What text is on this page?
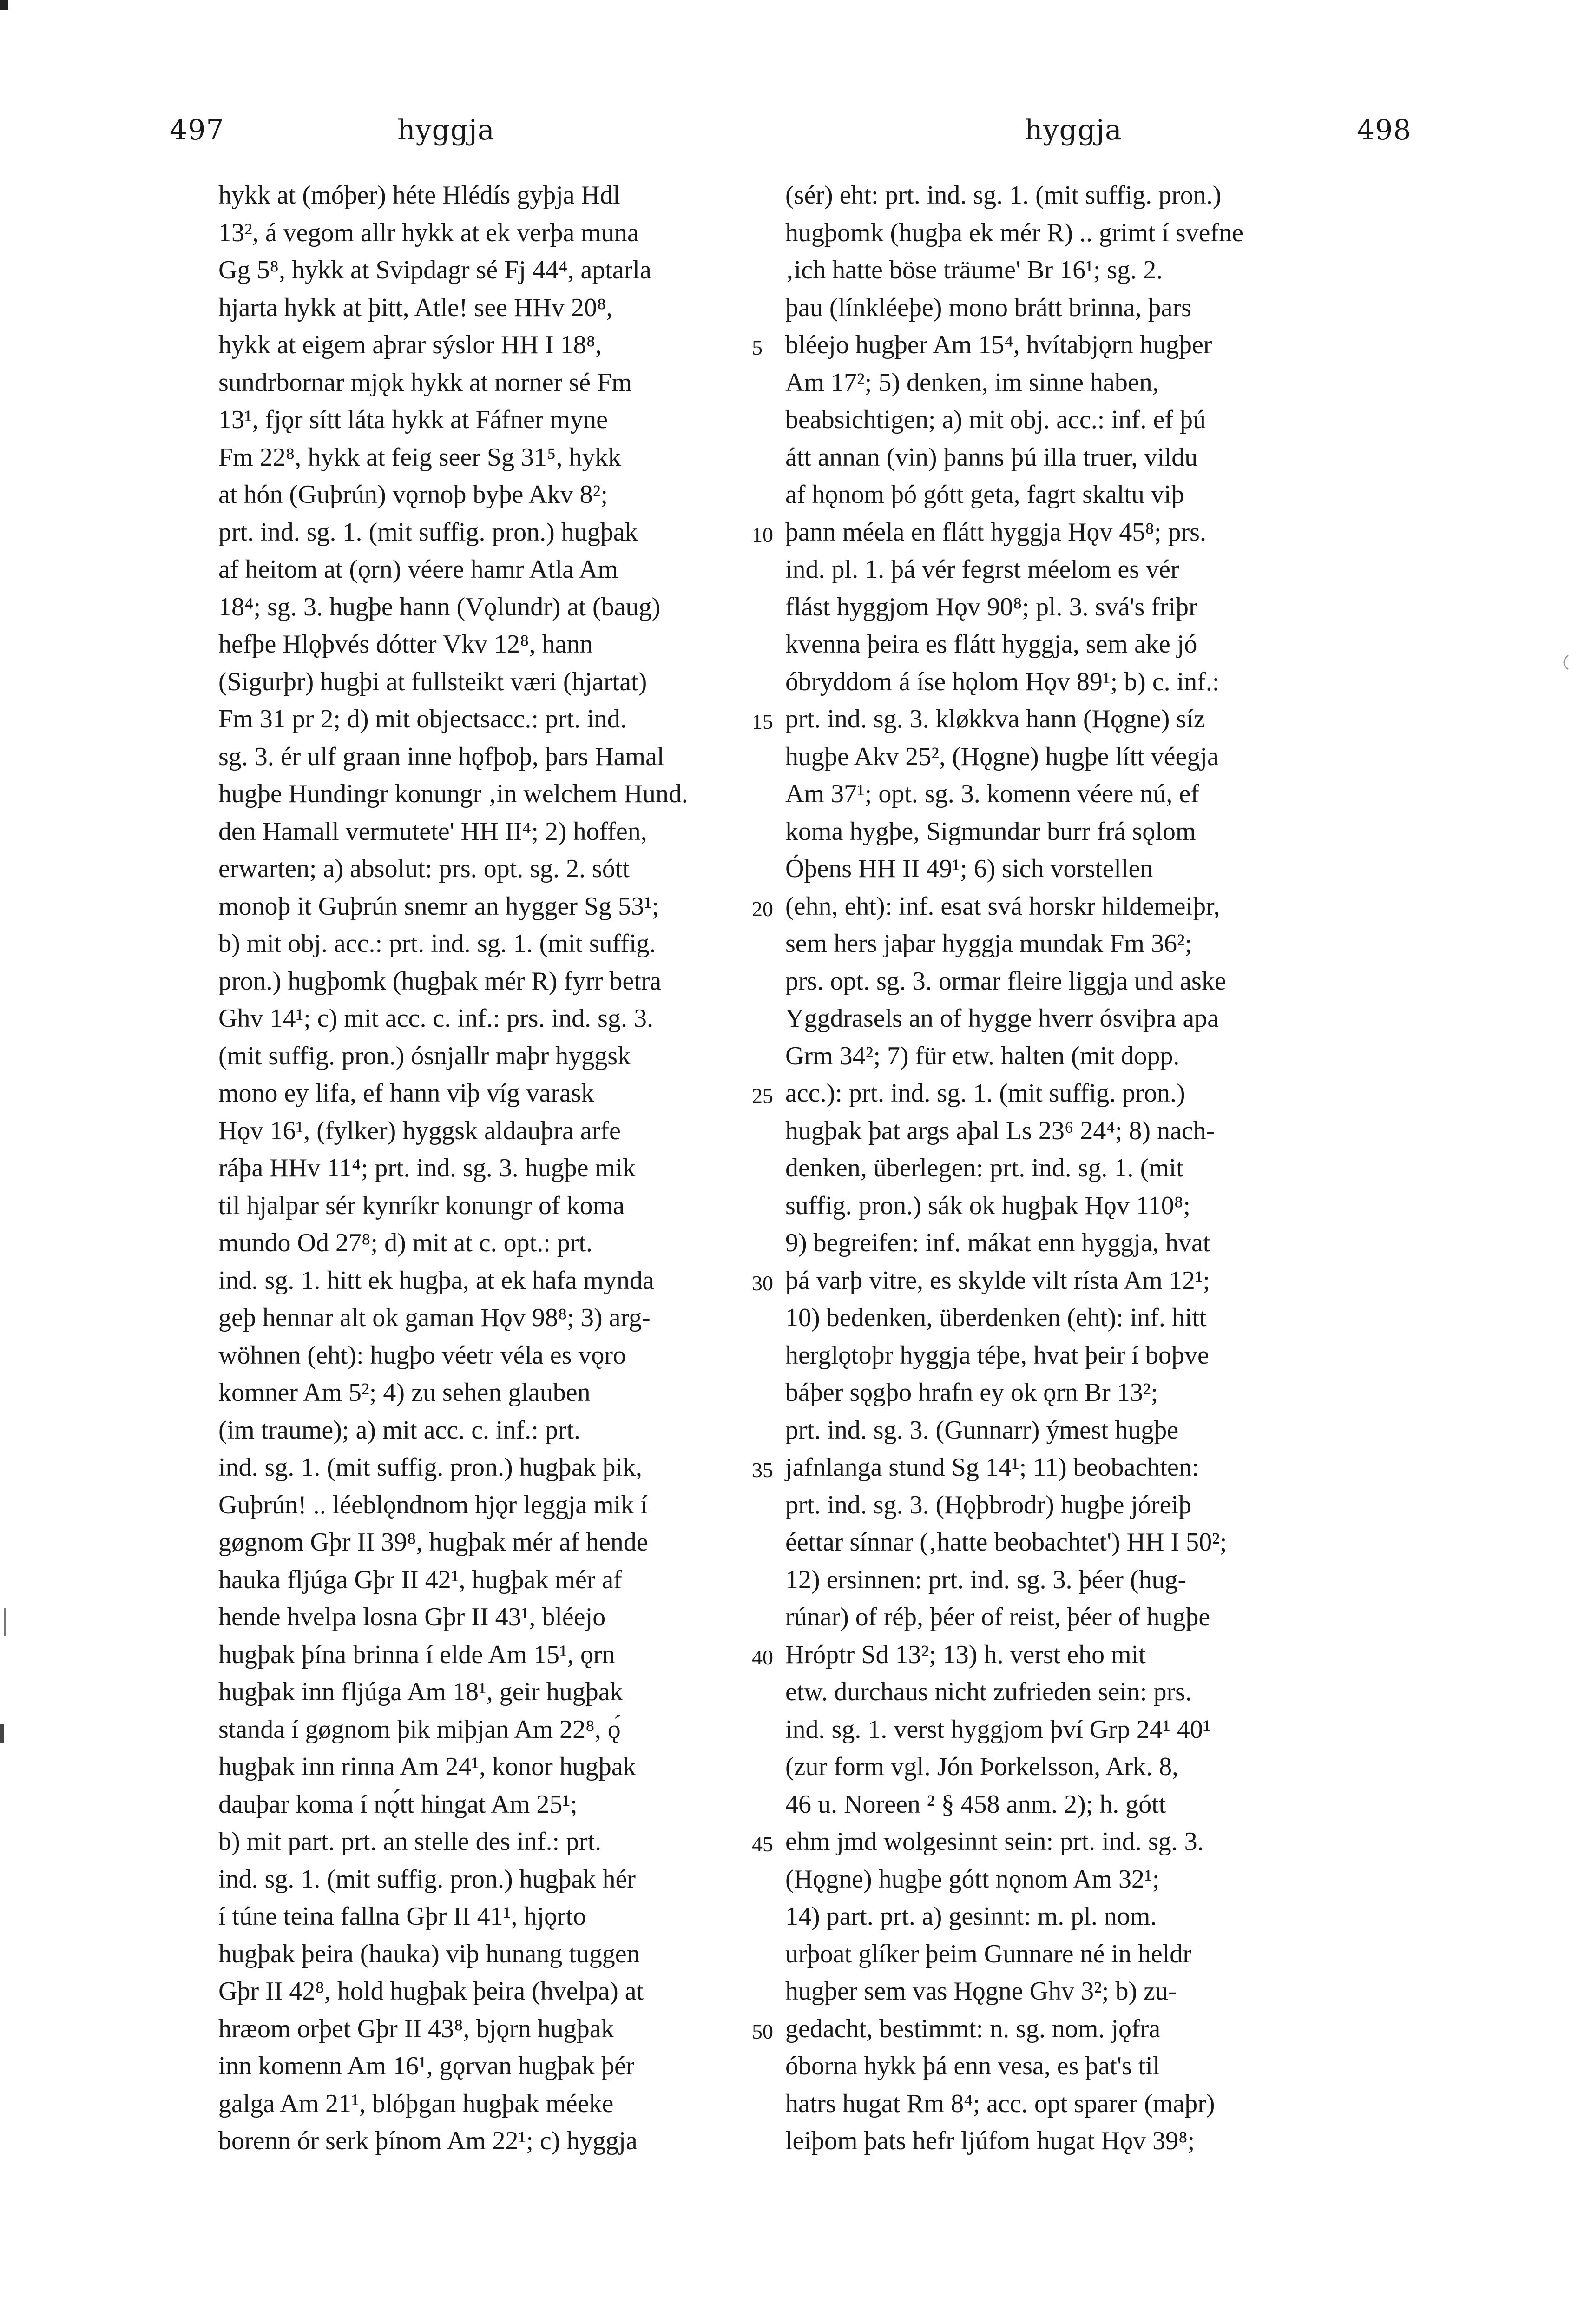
497	hyggja	hyggja	498
hykk at (móþer) héte Hlédís gyþja Hdl
13², á vegom allr hykk at ek verþa muna
Gg 5⁸, hykk at Svipdagr sé Fj 44⁴, aptarla
hjarta hykk at þitt, Atle! see HHv 20⁸,
hykk at eigem aþrar sýslor HH I 18⁸,
sundrbornar mjǫk hykk at norner sé Fm
13¹, fjǫr sítt láta hykk at Fáfner myne
Fm 22⁸, hykk at feig seer Sg 31⁵, hykk
at hón (Guþrún) vǫrnoþ byþe Akv 8²;
prt. ind. sg. 1. (mit suffig. pron.) hugþak
af heitom at (ǫrn) véere hamr Atla Am
18⁴; sg. 3. hugþe hann (Vǫlundr) at (baug)
hefþe Hlǫþvés dótter Vkv 12⁸, hann
(Sigurþr) hugþi at fullsteikt væri (hjartat)
Fm 31 pr 2; d) mit objectsacc.: prt. ind.
sg. 3. ér ulf graan inne hǫfþoþ, þars Hamal
hugþe Hundingr konungr ‚in welchem Hund.
den Hamall vermutete' HH II⁴; 2) hoffen,
erwarten; a) absolut: prs. opt. sg. 2. sótt
monoþ it Guþrún snemr an hygger Sg 53¹;
b) mit obj. acc.: prt. ind. sg. 1. (mit suffig.
pron.) hugþomk (hugþak mér R) fyrr betra
Ghv 14¹; c) mit acc. c. inf.: prs. ind. sg. 3.
(mit suffig. pron.) ósnjallr maþr hyggsk
mono ey lifa, ef hann viþ víg varask
Hǫv 16¹, (fylker) hyggsk aldauþra arfe
ráþa HHv 11⁴; prt. ind. sg. 3. hugþe mik
til hjalpar sér kynríkr konungr of koma
mundo Od 27⁸; d) mit at c. opt.: prt.
ind. sg. 1. hitt ek hugþa, at ek hafa mynda
geþ hennar alt ok gaman Hǫv 98⁸; 3) arg-
wöhnen (eht): hugþo véetr véla es vǫro
komner Am 5²; 4) zu sehen glauben
(im traume); a) mit acc. c. inf.: prt.
ind. sg. 1. (mit suffig. pron.) hugþak þik,
Guþrún! .. léeblǫndnom hjǫr leggja mik í
gøgnom Gþr II 39⁸, hugþak mér af hende
hauka fljúga Gþr II 42¹, hugþak mér af
hende hvelpa losna Gþr II 43¹, bléejo
hugþak þína brinna í elde Am 15¹, ǫrn
hugþak inn fljúga Am 18¹, geir hugþak
standa í gøgnom þik miþjan Am 22⁸, ǫ́
hugþak inn rinna Am 24¹, konor hugþak
dauþar koma í nǫ́tt hingat Am 25¹;
b) mit part. prt. an stelle des inf.: prt.
ind. sg. 1. (mit suffig. pron.) hugþak hér
í túne teina fallna Gþr II 41¹, hjǫrto
hugþak þeira (hauka) viþ hunang tuggen
Gþr II 42⁸, hold hugþak þeira (hvelpa) at
hræom orþet Gþr II 43⁸, bjǫrn hugþak
inn komenn Am 16¹, gǫrvan hugþak þér
galga Am 21¹, blóþgan hugþak méeke
borenn ór serk þínom Am 22¹; c) hyggja
5
10
15
20
25
30
35
40
45
50
(sér) eht: prt. ind. sg. 1. (mit suffig. pron.)
hugþomk (hugþa ek mér R) .. grimt í svefne
‚ich hatte böse träume' Br 16¹; sg. 2.
þau (línkléeþe) mono brátt brinna, þars
bléejo hugþer Am 15⁴, hvítabjǫrn hugþer
Am 17²; 5) denken, im sinne haben,
beabsichtigen; a) mit obj. acc.: inf. ef þú
átt annan (vin) þanns þú illa truer, vildu
af hǫnom þó gótt geta, fagrt skaltu viþ
þann méela en flátt hyggja Hǫv 45⁸; prs.
ind. pl. 1. þá vér fegrst méelom es vér
flást hyggjom Hǫv 90⁸; pl. 3. svá's friþr
kvenna þeira es flátt hyggja, sem ake jó
óbryddom á íse hǫlom Hǫv 89¹; b) c. inf.:
prt. ind. sg. 3. kløkkva hann (Hǫgne) síz
hugþe Akv 25², (Hǫgne) hugþe lítt véegja
Am 37¹; opt. sg. 3. komenn véere nú, ef
koma hygþe, Sigmundar burr frá sǫlom
Óþens HH II 49¹; 6) sich vorstellen
(ehn, eht): inf. esat svá horskr hildemeiþr,
sem hers jaþar hyggja mundak Fm 36²;
prs. opt. sg. 3. ormar fleire liggja und aske
Yggdrasels an of hygge hverr ósviþra apa
Grm 34²; 7) für etw. halten (mit dopp.
acc.): prt. ind. sg. 1. (mit suffig. pron.)
hugþak þat args aþal Ls 23⁶ 24⁴; 8) nach-
denken, überlegen: prt. ind. sg. 1. (mit
suffig. pron.) sák ok hugþak Hǫv 110⁸;
9) begreifen: inf. mákat enn hyggja, hvat
þá varþ vitre, es skylde vilt rísta Am 12¹;
10) bedenken, überdenken (eht): inf. hitt
herglǫtoþr hyggja téþe, hvat þeir í boþve
báþer sǫgþo hrafn ey ok ǫrn Br 13²;
prt. ind. sg. 3. (Gunnarr) ýmest hugþe
jafnlanga stund Sg 14¹; 11) beobachten:
prt. ind. sg. 3. (Hǫþbrodr) hugþe jóreiþ
éettar sínnar (‚hatte beobachtet') HH I 50²;
12) ersinnen: prt. ind. sg. 3. þéer (hug-
rúnar) of réþ, þéer of reist, þéer of hugþe
Hróptr Sd 13²; 13) h. verst eho mit
etw. durchaus nicht zufrieden sein: prs.
ind. sg. 1. verst hyggjom því Grp 24¹ 40¹
(zur form vgl. Jón Þorkelsson, Ark. 8,
46 u. Noreen ² § 458 anm. 2); h. gótt
ehm jmd wolgesinnt sein: prt. ind. sg. 3.
(Hǫgne) hugþe gótt nǫnom Am 32¹;
14) part. prt. a) gesinnt: m. pl. nom.
urþoat glíker þeim Gunnare né in heldr
hugþer sem vas Hǫgne Ghv 3²; b) zu-
gedacht, bestimmt: n. sg. nom. jǫfra
óborna hykk þá enn vesa, es þat's til
hatrs hugat Rm 8⁴; acc. opt sparer (maþr)
leiþom þats hefr ljúfom hugat Hǫv 39⁸;
